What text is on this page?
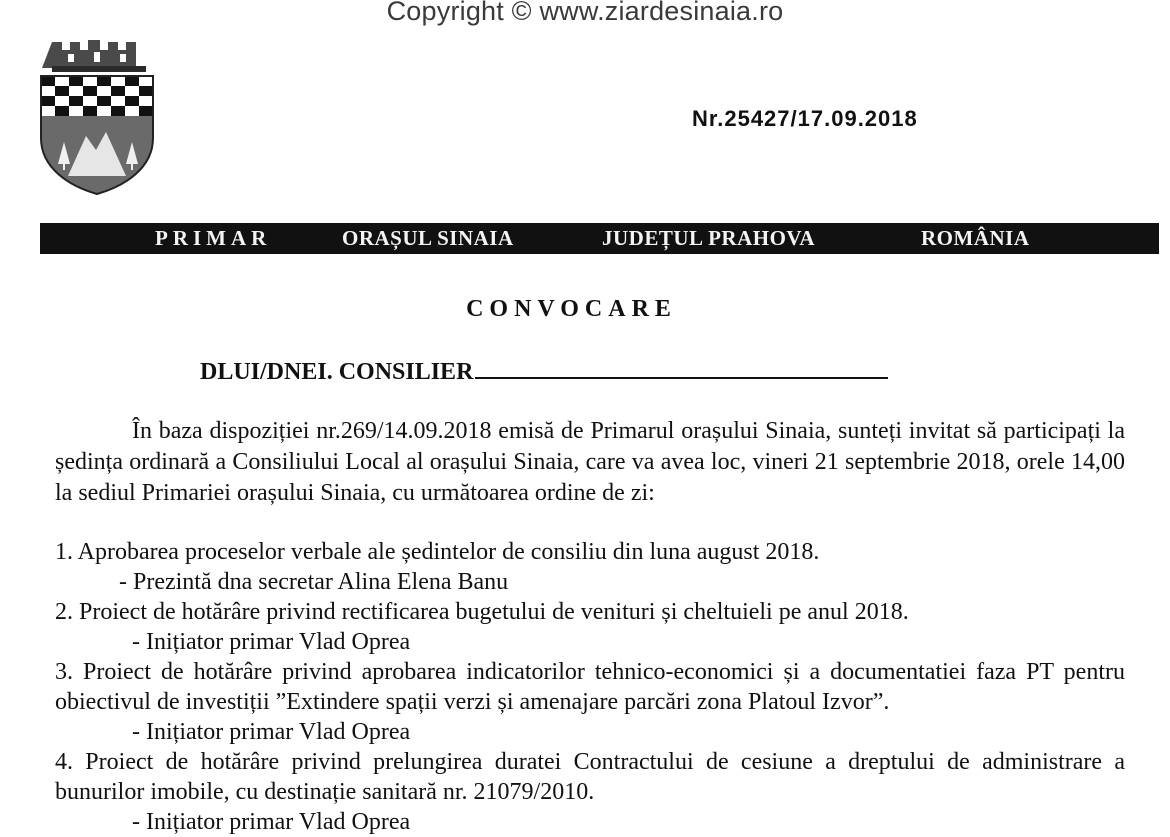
Copyright © www.ziardesinaia.ro
Nr.25427/17.09.2018
PRIMAR	ORAȘUL SINAIA	JUDEȚUL PRAHOVA	ROMÂNIA
CONVOCARE
DLUI/DNEI. CONSILIER

În baza dispoziției nr.269/14.09.2018 emisă de Primarul orașului Sinaia, sunteți invitat să participați la ședința ordinară a Consiliului Local al orașului Sinaia, care va avea loc, vineri 21 septembrie 2018, orele 14,00 la sediul Primariei orașului Sinaia, cu următoarea ordine de zi:

1. Aprobarea proceselor verbale ale ședintelor de consiliu din luna august 2018.
- Prezintă dna secretar Alina Elena Banu
2. Proiect de hotărâre privind rectificarea bugetului de venituri și cheltuieli pe anul 2018.
- Inițiator primar Vlad Oprea
3. Proiect de hotărâre privind aprobarea indicatorilor tehnico-economici și a documentatiei faza PT pentru obiectivul de investiții ”Extindere spații verzi și amenajare parcări zona Platoul Izvor”.
- Inițiator primar Vlad Oprea
4. Proiect de hotărâre privind prelungirea duratei Contractului de cesiune a dreptului de administrare a bunurilor imobile, cu destinație sanitară nr. 21079/2010.
- Inițiator primar Vlad Oprea
